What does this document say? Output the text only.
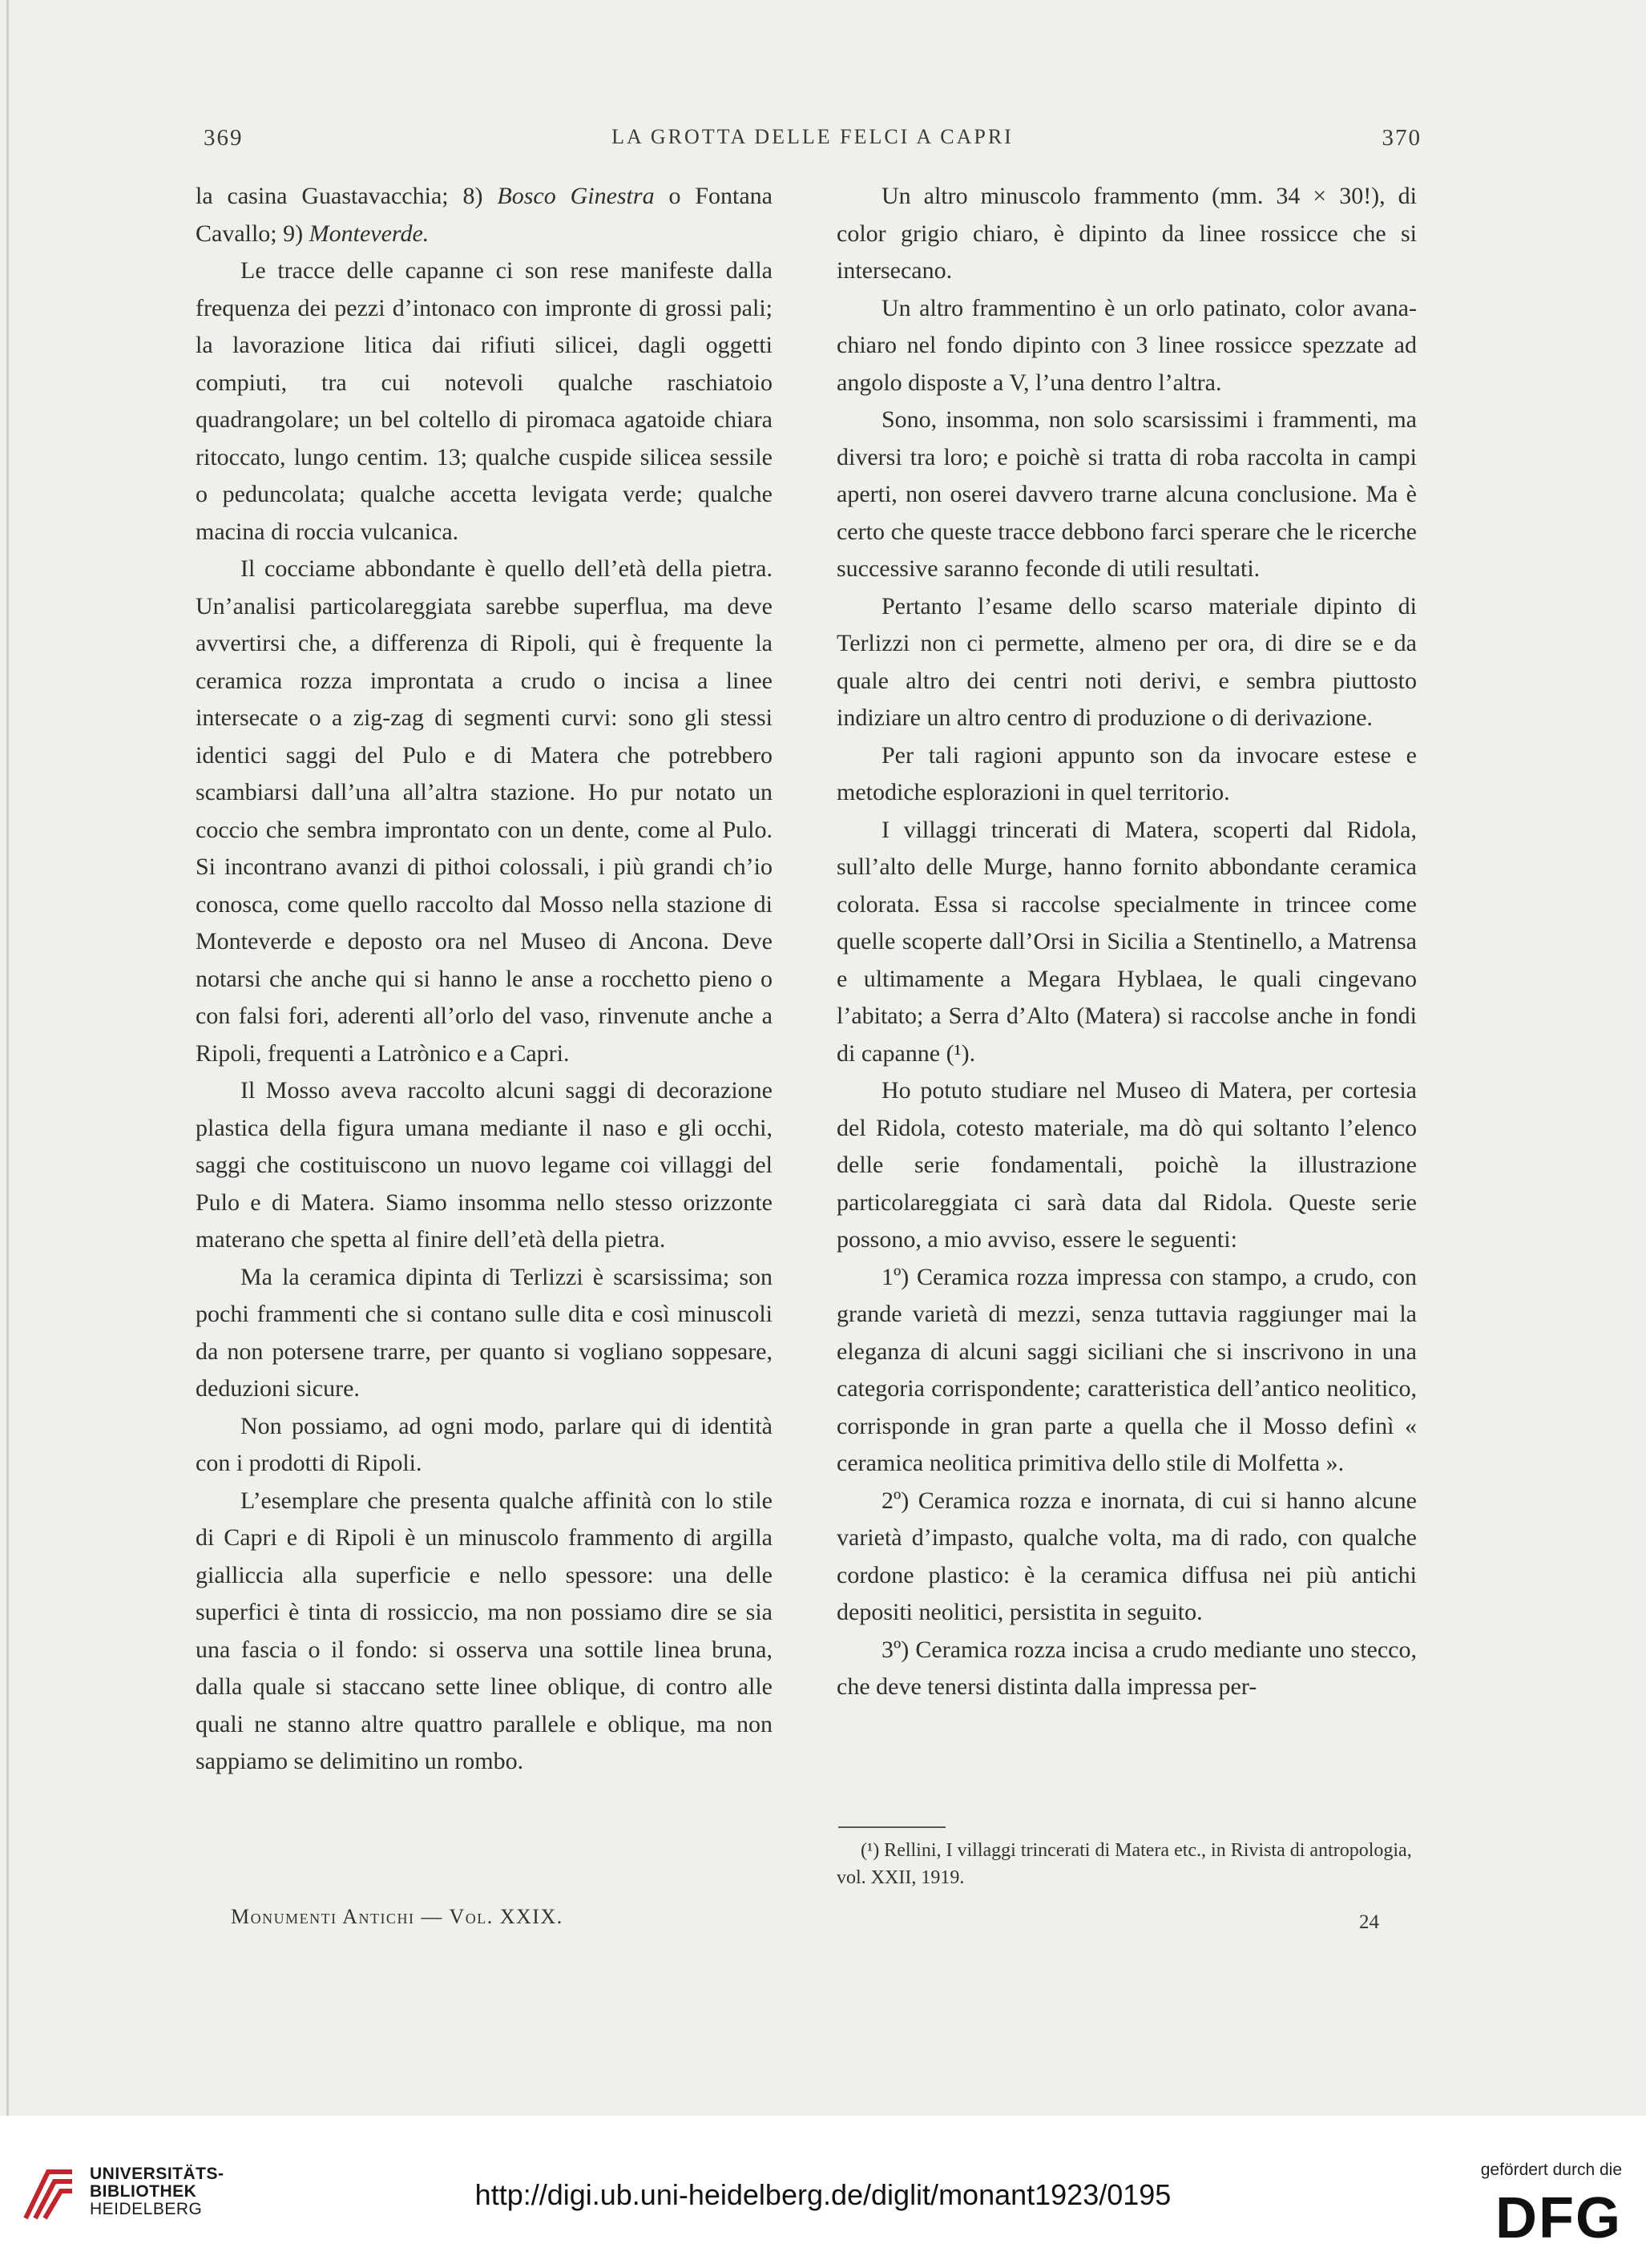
369	LA GROTTA DELLE FELCI A CAPRI	370

la casina Guastavacchia; 8) Bosco Ginestra o Fontana Cavallo; 9) Monteverde.

Le tracce delle capanne ci son rese manifeste dalla frequenza dei pezzi d’intonaco con impronte di grossi pali; la lavorazione litica dai rifiuti silicei, dagli oggetti compiuti, tra cui notevoli qualche raschiatoio quadrangolare; un bel coltello di piromaca agatoide chiara ritoccato, lungo centim. 13; qualche cuspide silicea sessile o peduncolata; qualche accetta levigata verde; qualche macina di roccia vulcanica.

Il cocciame abbondante è quello dell’età della pietra. Un’analisi particolareggiata sarebbe superflua, ma deve avvertirsi che, a differenza di Ripoli, qui è frequente la ceramica rozza improntata a crudo o incisa a linee intersecate o a zig-zag di segmenti curvi: sono gli stessi identici saggi del Pulo e di Matera che potrebbero scambiarsi dall’una all’altra stazione. Ho pur notato un coccio che sembra improntato con un dente, come al Pulo. Si incontrano avanzi di pithoi colossali, i più grandi ch’io conosca, come quello raccolto dal Mosso nella stazione di Monteverde e deposto ora nel Museo di Ancona. Deve notarsi che anche qui si hanno le anse a rocchetto pieno o con falsi fori, aderenti all’orlo del vaso, rinvenute anche a Ripoli, frequenti a Latrònico e a Capri.

Il Mosso aveva raccolto alcuni saggi di decorazione plastica della figura umana mediante il naso e gli occhi, saggi che costituiscono un nuovo legame coi villaggi del Pulo e di Matera. Siamo insomma nello stesso orizzonte materano che spetta al finire dell’età della pietra.

Ma la ceramica dipinta di Terlizzi è scarsissima; son pochi frammenti che si contano sulle dita e così minuscoli da non potersene trarre, per quanto si vogliano soppesare, deduzioni sicure.

Non possiamo, ad ogni modo, parlare qui di identità con i prodotti di Ripoli.

L’esemplare che presenta qualche affinità con lo stile di Capri e di Ripoli è un minuscolo frammento di argilla gialliccia alla superficie e nello spessore: una delle superfici è tinta di rossiccio, ma non possiamo dire se sia una fascia o il fondo: si osserva una sottile linea bruna, dalla quale si staccano sette linee oblique, di contro alle quali ne stanno altre quattro parallele e oblique, ma non sappiamo se delimitino un rombo.

Un altro minuscolo frammento (mm. 34 × 30!), di color grigio chiaro, è dipinto da linee rossicce che si intersecano.

Un altro frammentino è un orlo patinato, color avana-chiaro nel fondo dipinto con 3 linee rossicce spezzate ad angolo disposte a V, l’una dentro l’altra.

Sono, insomma, non solo scarsissimi i frammenti, ma diversi tra loro; e poichè si tratta di roba raccolta in campi aperti, non oserei davvero trarne alcuna conclusione. Ma è certo che queste tracce debbono farci sperare che le ricerche successive saranno feconde di utili resultati.

Pertanto l’esame dello scarso materiale dipinto di Terlizzi non ci permette, almeno per ora, di dire se e da quale altro dei centri noti derivi, e sembra piuttosto indiziare un altro centro di produzione o di derivazione.

Per tali ragioni appunto son da invocare estese e metodiche esplorazioni in quel territorio.

I villaggi trincerati di Matera, scoperti dal Ridola, sull’alto delle Murge, hanno fornito abbondante ceramica colorata. Essa si raccolse specialmente in trincee come quelle scoperte dall’Orsi in Sicilia a Stentinello, a Matrensa e ultimamente a Megara Hyblaea, le quali cingevano l’abitato; a Serra d’Alto (Matera) si raccolse anche in fondi di capanne (¹).

Ho potuto studiare nel Museo di Matera, per cortesia del Ridola, cotesto materiale, ma dò qui soltanto l’elenco delle serie fondamentali, poichè la illustrazione particolareggiata ci sarà data dal Ridola. Queste serie possono, a mio avviso, essere le seguenti:

1º) Ceramica rozza impressa con stampo, a crudo, con grande varietà di mezzi, senza tuttavia raggiunger mai la eleganza di alcuni saggi siciliani che si inscrivono in una categoria corrispondente; caratteristica dell’antico neolitico, corrisponde in gran parte a quella che il Mosso definì « ceramica neolitica primitiva dello stile di Molfetta ».

2º) Ceramica rozza e inornata, di cui si hanno alcune varietà d’impasto, qualche volta, ma di rado, con qualche cordone plastico: è la ceramica diffusa nei più antichi depositi neolitici, persistita in seguito.

3º) Ceramica rozza incisa a crudo mediante uno stecco, che deve tenersi distinta dalla impressa per-

(¹) Rellini, I villaggi trincerati di Matera etc., in Rivista di antropologia, vol. XXII, 1919.

Monumenti Antichi — Vol. XXIX.	24
UNIVERSITÄTS-
BIBLIOTHEK
HEIDELBERG	http://digi.ub.uni-heidelberg.de/diglit/monant1923/0195
gefördert durch die
DFG
